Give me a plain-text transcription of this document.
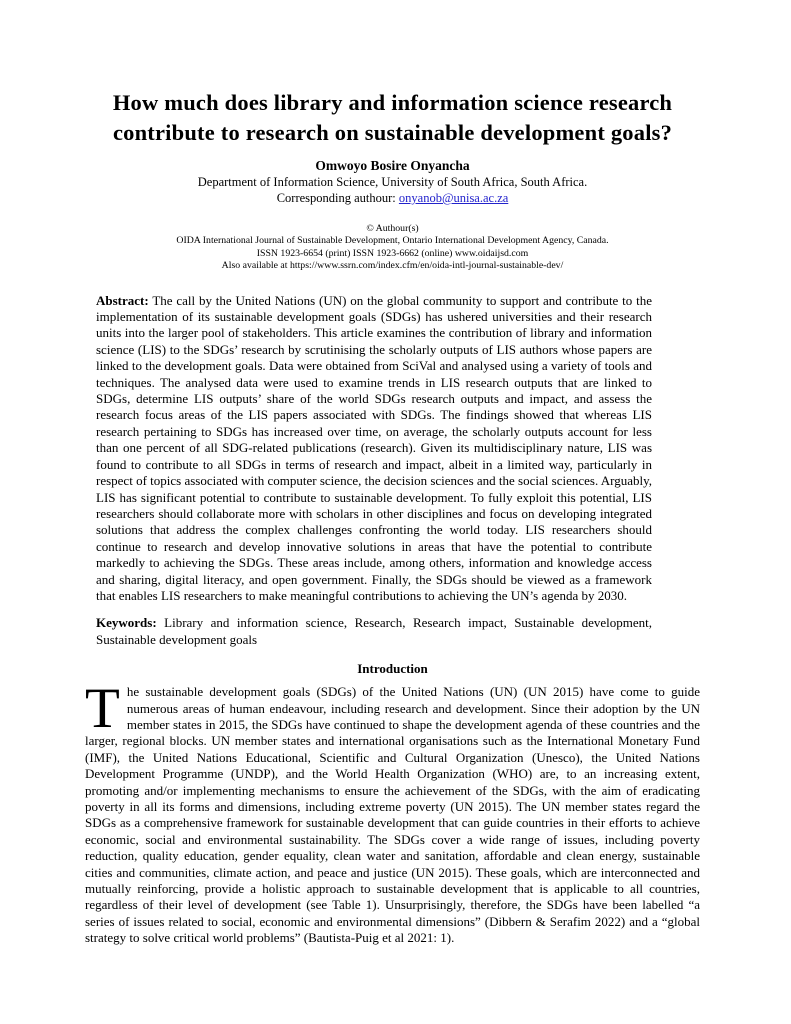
How much does library and information science research
contribute to research on sustainable development goals?
Omwoyo Bosire Onyancha
Department of Information Science, University of South Africa, South Africa.
Corresponding authour: onyanob@unisa.ac.za
© Authour(s)
OIDA International Journal of Sustainable Development, Ontario International Development Agency, Canada.
ISSN 1923-6654 (print) ISSN 1923-6662 (online) www.oidaijsd.com
Also available at https://www.ssrn.com/index.cfm/en/oida-intl-journal-sustainable-dev/
Abstract: The call by the United Nations (UN) on the global community to support and contribute to the implementation of its sustainable development goals (SDGs) has ushered universities and their research units into the larger pool of stakeholders. This article examines the contribution of library and information science (LIS) to the SDGs’ research by scrutinising the scholarly outputs of LIS authors whose papers are linked to the development goals. Data were obtained from SciVal and analysed using a variety of tools and techniques. The analysed data were used to examine trends in LIS research outputs that are linked to SDGs, determine LIS outputs’ share of the world SDGs research outputs and impact, and assess the research focus areas of the LIS papers associated with SDGs. The findings showed that whereas LIS research pertaining to SDGs has increased over time, on average, the scholarly outputs account for less than one percent of all SDG-related publications (research). Given its multidisciplinary nature, LIS was found to contribute to all SDGs in terms of research and impact, albeit in a limited way, particularly in respect of topics associated with computer science, the decision sciences and the social sciences. Arguably, LIS has significant potential to contribute to sustainable development. To fully exploit this potential, LIS researchers should collaborate more with scholars in other disciplines and focus on developing integrated solutions that address the complex challenges confronting the world today. LIS researchers should continue to research and develop innovative solutions in areas that have the potential to contribute markedly to achieving the SDGs. These areas include, among others, information and knowledge access and sharing, digital literacy, and open government. Finally, the SDGs should be viewed as a framework that enables LIS researchers to make meaningful contributions to achieving the UN’s agenda by 2030.
Keywords: Library and information science, Research, Research impact, Sustainable development, Sustainable development goals
Introduction

The sustainable development goals (SDGs) of the United Nations (UN) (UN 2015) have come to guide numerous areas of human endeavour, including research and development. Since their adoption by the UN member states in 2015, the SDGs have continued to shape the development agenda of these countries and the larger, regional blocks. UN member states and international organisations such as the International Monetary Fund (IMF), the United Nations Educational, Scientific and Cultural Organization (Unesco), the United Nations Development Programme (UNDP), and the World Health Organization (WHO) are, to an increasing extent, promoting and/or implementing mechanisms to ensure the achievement of the SDGs, with the aim of eradicating poverty in all its forms and dimensions, including extreme poverty (UN 2015). The UN member states regard the SDGs as a comprehensive framework for sustainable development that can guide countries in their efforts to achieve economic, social and environmental sustainability. The SDGs cover a wide range of issues, including poverty reduction, quality education, gender equality, clean water and sanitation, affordable and clean energy, sustainable cities and communities, climate action, and peace and justice (UN 2015). These goals, which are interconnected and mutually reinforcing, provide a holistic approach to sustainable development that is applicable to all countries, regardless of their level of development (see Table 1). Unsurprisingly, therefore, the SDGs have been labelled “a series of issues related to social, economic and environmental dimensions” (Dibbern & Serafim 2022) and a “global strategy to solve critical world problems” (Bautista-Puig et al 2021: 1).
